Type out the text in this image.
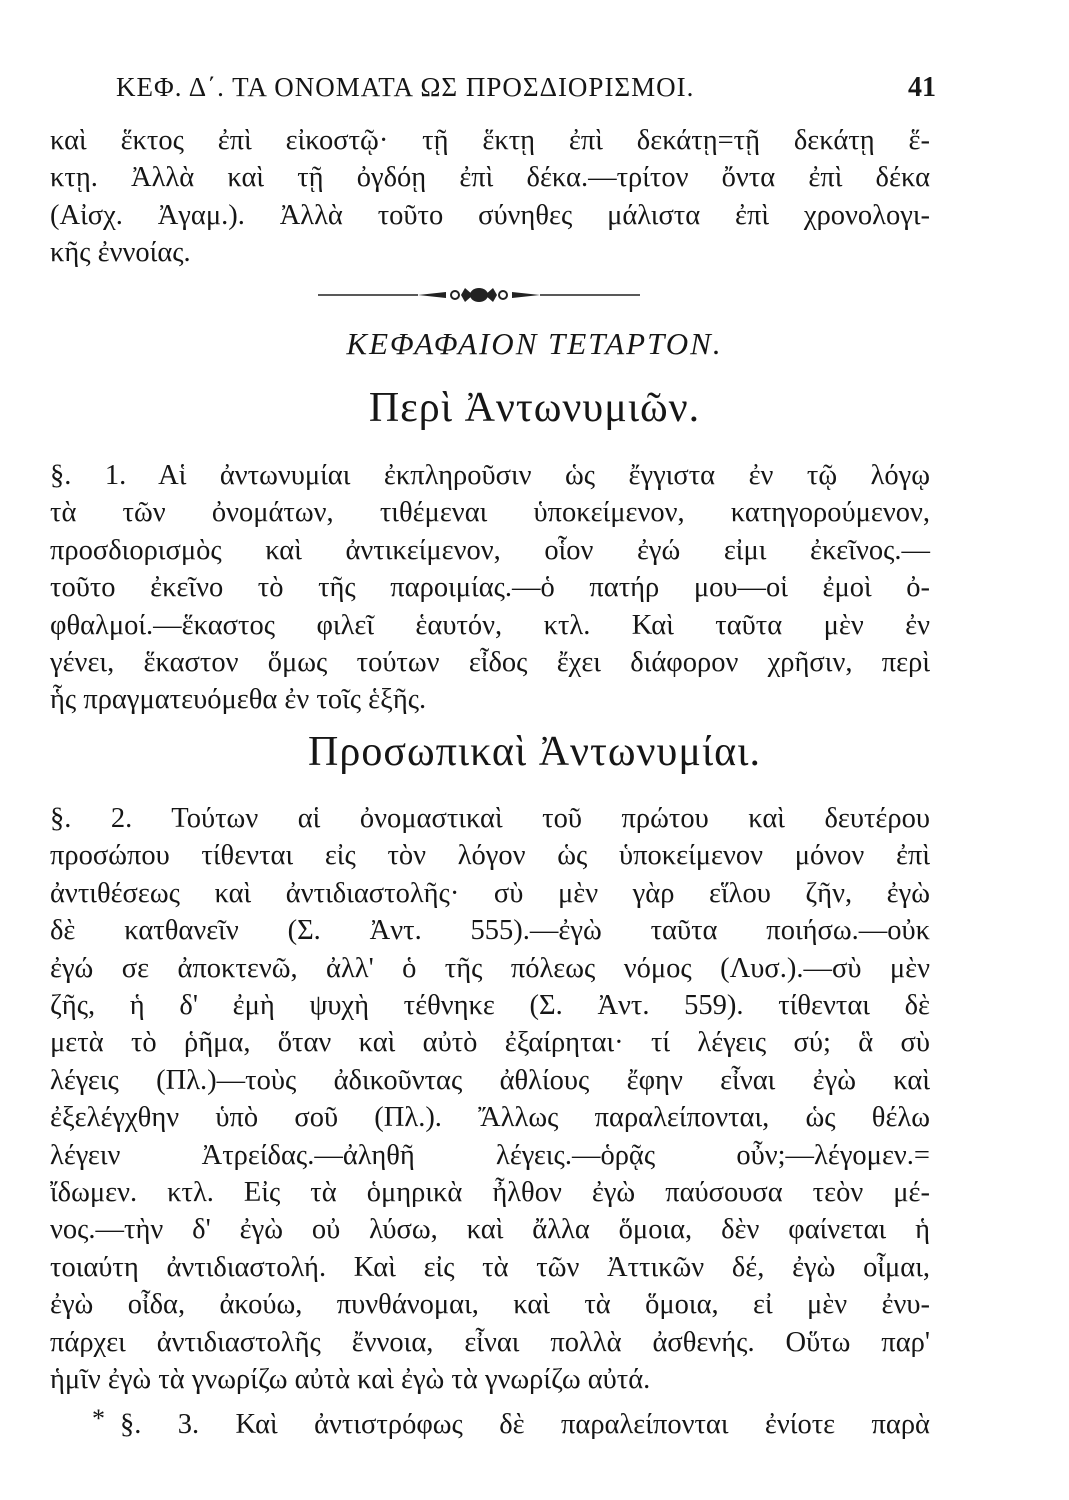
ΚΕΦ. Δ΄. ΤΑ ΟΝΟΜΑΤΑ ΩΣ ΠΡΟΣΔΙΟΡΙΣΜΟΙ.	41
καὶ ἕκτος ἐπὶ εἰκοστῷ· τῇ ἕκτῃ ἐπὶ δεκάτῃ=τῇ δεκάτῃ ἕ-
κτῃ. Ἀλλὰ καὶ τῇ ὀγδόῃ ἐπὶ δέκα.—τρίτον ὄντα ἐπὶ δέκα
(Αἰσχ. Ἀγαμ.). Ἀλλὰ τοῦτο σύνηθες μάλιστα ἐπὶ χρονολογι-
κῆς ἐννοίας.
ΚΕΦΑΦΑΙΟΝ ΤΕΤΑΡΤΟΝ.
Περὶ Ἀντωνυμιῶν.
§. 1. Αἱ ἀντωνυμίαι ἐκπληροῦσιν ὡς ἔγγιστα ἐν τῷ λόγῳ
τὰ τῶν ὀνομάτων, τιθέμεναι ὑποκείμενον, κατηγορούμενον,
προσδιορισμὸς καὶ ἀντικείμενον, οἷον ἐγώ εἰμι ἐκεῖνος.—
τοῦτο ἐκεῖνο τὸ τῆς παροιμίας.—ὁ πατήρ μου—οἱ ἐμοὶ ὀ-
φθαλμοί.—ἕκαστος φιλεῖ ἑαυτόν, κτλ. Καὶ ταῦτα μὲν ἐν
γένει, ἕκαστον ὅμως τούτων εἶδος ἔχει διάφορον χρῆσιν, περὶ
ἧς πραγματευόμεθα ἐν τοῖς ἑξῆς.
Προσωπικαὶ Ἀντωνυμίαι.
§. 2. Τούτων αἱ ὀνομαστικαὶ τοῦ πρώτου καὶ δευτέρου
προσώπου τίθενται εἰς τὸν λόγον ὡς ὑποκείμενον μόνον ἐπὶ
ἀντιθέσεως καὶ ἀντιδιαστολῆς· σὺ μὲν γὰρ εἵλου ζῆν, ἐγὼ
δὲ κατθανεῖν (Σ. Ἀντ. 555).—ἐγὼ ταῦτα ποιήσω.—οὐκ
ἐγώ σε ἀποκτενῶ, ἀλλ' ὁ τῆς πόλεως νόμος (Λυσ.).—σὺ μὲν
ζῆς, ἡ δ' ἐμὴ ψυχὴ τέθνηκε (Σ. Ἀντ. 559). τίθενται δὲ
μετὰ τὸ ῥῆμα, ὅταν καὶ αὐτὸ ἐξαίρηται· τί λέγεις σύ; ἃ σὺ
λέγεις (Πλ.)—τοὺς ἀδικοῦντας ἀθλίους ἔφην εἶναι ἐγὼ καὶ
ἐξελέγχθην ὑπὸ σοῦ (Πλ.). Ἄλλως παραλείπονται, ὡς θέλω
λέγειν Ἀτρείδας.—ἀληθῆ λέγεις.—ὁρᾷς οὖν;—λέγομεν.=
ἴδωμεν. κτλ. Εἰς τὰ ὁμηρικὰ ἦλθον ἐγὼ παύσουσα τεὸν μέ-
νος.—τὴν δ' ἐγὼ οὐ λύσω, καὶ ἄλλα ὅμοια, δὲν φαίνεται ἡ
τοιαύτη ἀντιδιαστολή. Καὶ εἰς τὰ τῶν Ἀττικῶν δέ, ἐγὼ οἶμαι,
ἐγὼ οἶδα, ἀκούω, πυνθάνομαι, καὶ τὰ ὅμοια, εἰ μὲν ἐνυ-
πάρχει ἀντιδιαστολῆς ἔννοια, εἶναι πολλὰ ἀσθενής. Οὕτω παρ'
ἡμῖν ἐγὼ τὰ γνωρίζω αὐτὰ καὶ ἐγὼ τὰ γνωρίζω αὐτά.
* §. 3. Καὶ ἀντιστρόφως δὲ παραλείπονται ἐνίοτε παρὰ
